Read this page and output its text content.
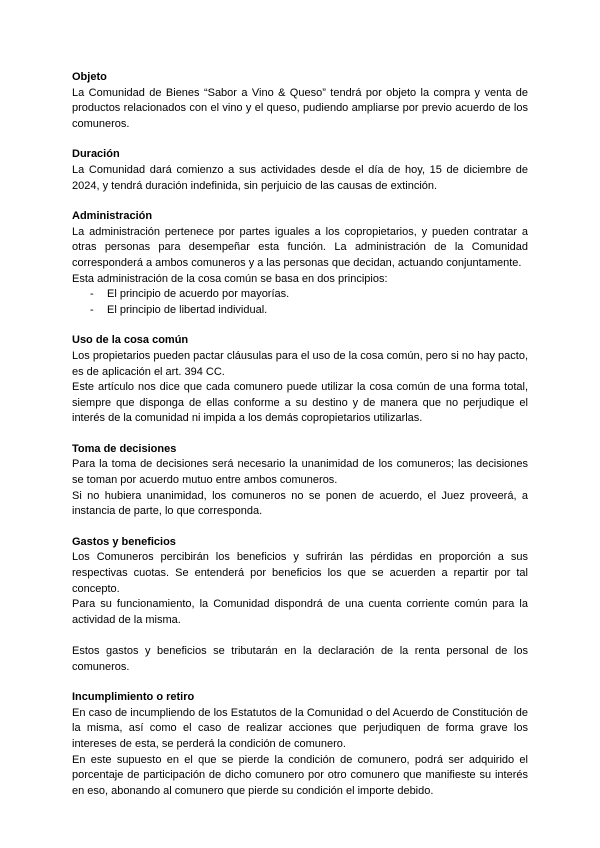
Objeto

La Comunidad de Bienes “Sabor a Vino & Queso” tendrá por objeto la compra y venta de productos relacionados con el vino y el queso, pudiendo ampliarse por previo acuerdo de los comuneros.

Duración

La Comunidad dará comienzo a sus actividades desde el día de hoy, 15 de diciembre de 2024, y tendrá duración indefinida, sin perjuicio de las causas de extinción.

Administración

La administración pertenece por partes iguales a los copropietarios, y pueden contratar a otras personas para desempeñar esta función. La administración de la Comunidad corresponderá a ambos comuneros y a las personas que decidan, actuando conjuntamente.

Esta administración de la cosa común se basa en dos principios:

- El principio de acuerdo por mayorías.
- El principio de libertad individual.

Uso de la cosa común

Los propietarios pueden pactar cláusulas para el uso de la cosa común, pero si no hay pacto, es de aplicación el art. 394 CC.

Este artículo nos dice que cada comunero puede utilizar la cosa común de una forma total, siempre que disponga de ellas conforme a su destino y de manera que no perjudique el interés de la comunidad ni impida a los demás copropietarios utilizarlas.

Toma de decisiones

Para la toma de decisiones será necesario la unanimidad de los comuneros; las decisiones se toman por acuerdo mutuo entre ambos comuneros.

Si no hubiera unanimidad, los comuneros no se ponen de acuerdo, el Juez proveerá, a instancia de parte, lo que corresponda.

Gastos y beneficios

Los Comuneros percibirán los beneficios y sufrirán las pérdidas en proporción a sus respectivas cuotas. Se entenderá por beneficios los que se acuerden a repartir por tal concepto.

Para su funcionamiento, la Comunidad dispondrá de una cuenta corriente común para la actividad de la misma.

Estos gastos y beneficios se tributarán en la declaración de la renta personal de los comuneros.

Incumplimiento o retiro

En caso de incumpliendo de los Estatutos de la Comunidad o del Acuerdo de Constitución de la misma, así como el caso de realizar acciones que perjudiquen de forma grave los intereses de esta, se perderá la condición de comunero.

En este supuesto en el que se pierde la condición de comunero, podrá ser adquirido el porcentaje de participación de dicho comunero por otro comunero que manifieste su interés en eso, abonando al comunero que pierde su condición el importe debido.
